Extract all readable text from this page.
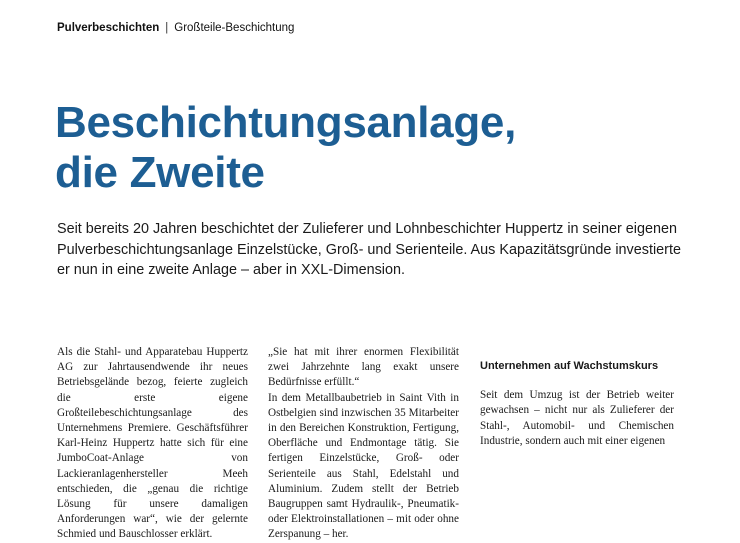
Pulverbeschichten | Großteile-Beschichtung
Beschichtungsanlage,
die Zweite

Seit bereits 20 Jahren beschichtet der Zulieferer und Lohnbeschichter Huppertz in seiner eigenen Pulverbeschichtungsanlage Einzelstücke, Groß- und Serienteile. Aus Kapazitätsgründe investierte er nun in eine zweite Anlage – aber in XXL-Dimension.

Als die Stahl- und Apparatebau Huppertz AG zur Jahrtausendwende ihr neues Betriebsgelände bezog, feierte zugleich die erste eigene Großteilebeschichtungsanlage des Unternehmens Premiere. Geschäftsführer Karl-Heinz Huppertz hatte sich für eine JumboCoat-Anlage von Lackieranlagenhersteller Meeh entschieden, die „genau die richtige Lösung für unsere damaligen Anforderungen war“, wie der gelernte Schmied und Bauschlosser erklärt.

„Sie hat mit ihrer enormen Flexibilität zwei Jahrzehnte lang exakt unsere Bedürfnisse erfüllt.“

In dem Metallbaubetrieb in Saint Vith in Ostbelgien sind inzwischen 35 Mitarbeiter in den Bereichen Konstruktion, Fertigung, Oberfläche und Endmontage tätig. Sie fertigen Einzelstücke, Groß- oder Serienteile aus Stahl, Edelstahl und Aluminium. Zudem stellt der Betrieb Baugruppen samt Hydraulik-, Pneumatik- oder Elektroinstallationen – mit oder ohne Zerspanung – her.

Unternehmen auf Wachstumskurs

Seit dem Umzug ist der Betrieb weiter gewachsen – nicht nur als Zulieferer der Stahl-, Automobil- und Chemischen Industrie, sondern auch mit einer eigenen
